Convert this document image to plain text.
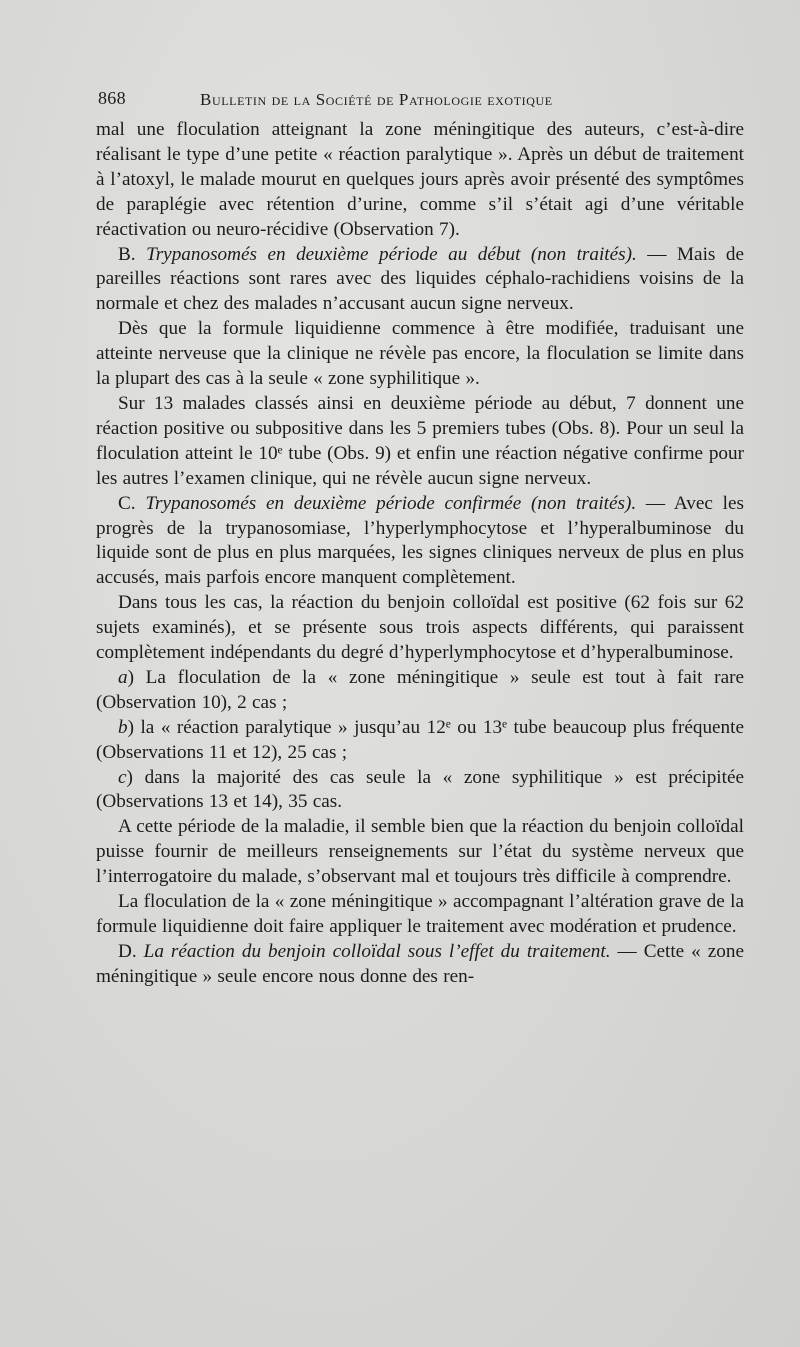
868	Bulletin de la Société de Pathologie exotique

mal une floculation atteignant la zone méningitique des auteurs, c’est-à-dire réalisant le type d’une petite « réaction paralytique ». Après un début de traitement à l’atoxyl, le malade mourut en quelques jours après avoir présenté des symptômes de paraplégie avec rétention d’urine, comme s’il s’était agi d’une véritable réactivation ou neuro-récidive (Observation 7).

B. Trypanosomés en deuxième période au début (non traités). — Mais de pareilles réactions sont rares avec des liquides céphalo-rachidiens voisins de la normale et chez des malades n’accusant aucun signe nerveux.

Dès que la formule liquidienne commence à être modifiée, traduisant une atteinte nerveuse que la clinique ne révèle pas encore, la floculation se limite dans la plupart des cas à la seule « zone syphilitique ».

Sur 13 malades classés ainsi en deuxième période au début, 7 donnent une réaction positive ou subpositive dans les 5 premiers tubes (Obs. 8). Pour un seul la floculation atteint le 10ᵉ tube (Obs. 9) et enfin une réaction négative confirme pour les autres l’examen clinique, qui ne révèle aucun signe nerveux.

C. Trypanosomés en deuxième période confirmée (non traités). — Avec les progrès de la trypanosomiase, l’hyperlymphocytose et l’hyperalbuminose du liquide sont de plus en plus marquées, les signes cliniques nerveux de plus en plus accusés, mais parfois encore manquent complètement.

Dans tous les cas, la réaction du benjoin colloïdal est positive (62 fois sur 62 sujets examinés), et se présente sous trois aspects différents, qui paraissent complètement indépendants du degré d’hyperlymphocytose et d’hyperalbuminose.

a) La floculation de la « zone méningitique » seule est tout à fait rare (Observation 10), 2 cas ;

b) la « réaction paralytique » jusqu’au 12ᵉ ou 13ᵉ tube beaucoup plus fréquente (Observations 11 et 12), 25 cas ;

c) dans la majorité des cas seule la « zone syphilitique » est précipitée (Observations 13 et 14), 35 cas.

A cette période de la maladie, il semble bien que la réaction du benjoin colloïdal puisse fournir de meilleurs renseignements sur l’état du système nerveux que l’interrogatoire du malade, s’observant mal et toujours très difficile à comprendre.

La floculation de la « zone méningitique » accompagnant l’altération grave de la formule liquidienne doit faire appliquer le traitement avec modération et prudence.

D. La réaction du benjoin colloïdal sous l’effet du traitement. — Cette « zone méningitique » seule encore nous donne des ren-
